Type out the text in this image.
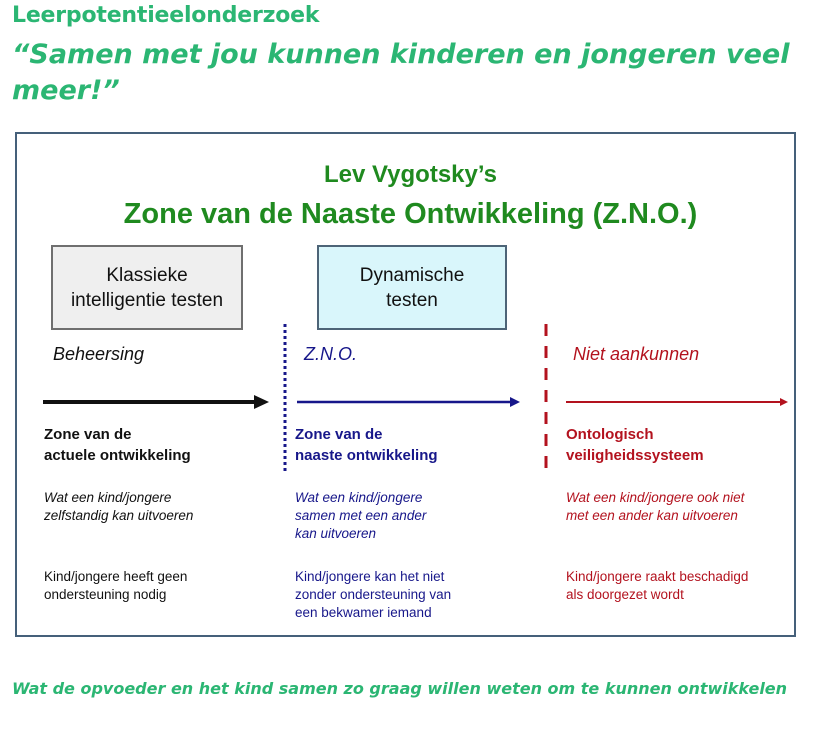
Leerpotentieelonderzoek
“Samen met jou kunnen kinderen en jongeren veel meer!”
Lev Vygotsky’s
Zone van de Naaste Ontwikkeling (Z.N.O.)
Klassieke
intelligentie testen
Dynamische
testen
Beheersing	Z.N.O.	Niet aankunnen
Zone van de
actuele ontwikkeling
Zone van de
naaste ontwikkeling
Ontologisch
veiligheidssysteem
Wat een kind/jongere
zelfstandig kan uitvoeren
Wat een kind/jongere
samen met een ander
kan uitvoeren
Wat een kind/jongere ook niet
met een ander kan uitvoeren
Kind/jongere heeft geen
ondersteuning nodig
Kind/jongere kan het niet
zonder ondersteuning van
een bekwamer iemand
Kind/jongere raakt beschadigd
als doorgezet wordt
Wat de opvoeder en het kind samen zo graag willen weten om te kunnen ontwikkelen
